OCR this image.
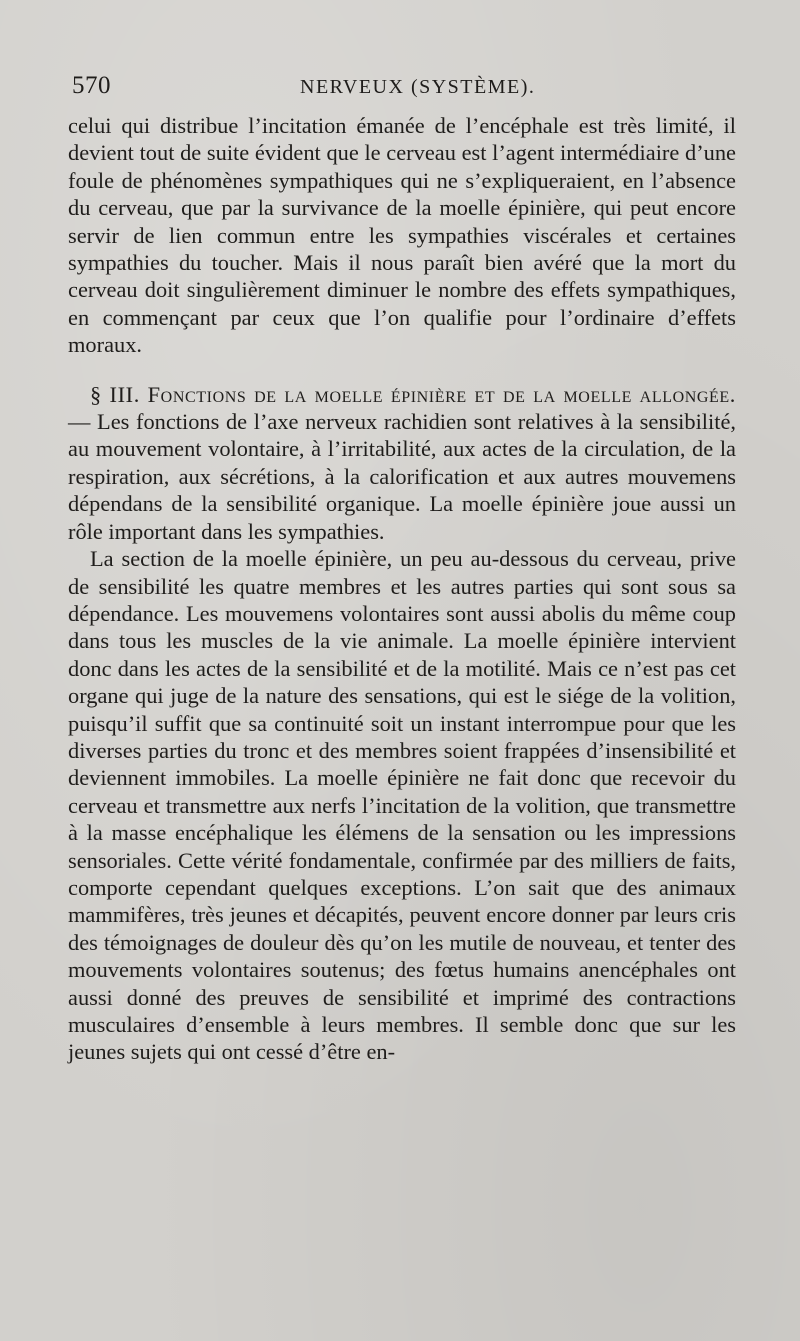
570	NERVEUX (SYSTÈME).

celui qui distribue l’incitation émanée de l’encéphale est très limité, il devient tout de suite évident que le cerveau est l’agent intermédiaire d’une foule de phénomènes sympathiques qui ne s’expliqueraient, en l’absence du cerveau, que par la survivance de la moelle épinière, qui peut encore servir de lien commun entre les sympathies viscérales et certaines sympathies du toucher. Mais il nous paraît bien avéré que la mort du cerveau doit singulièrement diminuer le nombre des effets sympathiques, en commençant par ceux que l’on qualifie pour l’ordinaire d’effets moraux.

§ III. Fonctions de la moelle épinière et de la moelle allongée. — Les fonctions de l’axe nerveux rachidien sont relatives à la sensibilité, au mouvement volontaire, à l’irritabilité, aux actes de la circulation, de la respiration, aux sécrétions, à la calorification et aux autres mouvemens dépendans de la sensibilité organique. La moelle épinière joue aussi un rôle important dans les sympathies.

La section de la moelle épinière, un peu au-dessous du cerveau, prive de sensibilité les quatre membres et les autres parties qui sont sous sa dépendance. Les mouvemens volontaires sont aussi abolis du même coup dans tous les muscles de la vie animale. La moelle épinière intervient donc dans les actes de la sensibilité et de la motilité. Mais ce n’est pas cet organe qui juge de la nature des sensations, qui est le siége de la volition, puisqu’il suffit que sa continuité soit un instant interrompue pour que les diverses parties du tronc et des membres soient frappées d’insensibilité et deviennent immobiles. La moelle épinière ne fait donc que recevoir du cerveau et transmettre aux nerfs l’incitation de la volition, que transmettre à la masse encéphalique les élémens de la sensation ou les impressions sensoriales. Cette vérité fondamentale, confirmée par des milliers de faits, comporte cependant quelques exceptions. L’on sait que des animaux mammifères, très jeunes et décapités, peuvent encore donner par leurs cris des témoignages de douleur dès qu’on les mutile de nouveau, et tenter des mouvements volontaires soutenus; des fœtus humains anencéphales ont aussi donné des preuves de sensibilité et imprimé des contractions musculaires d’ensemble à leurs membres. Il semble donc que sur les jeunes sujets qui ont cessé d’être en-
